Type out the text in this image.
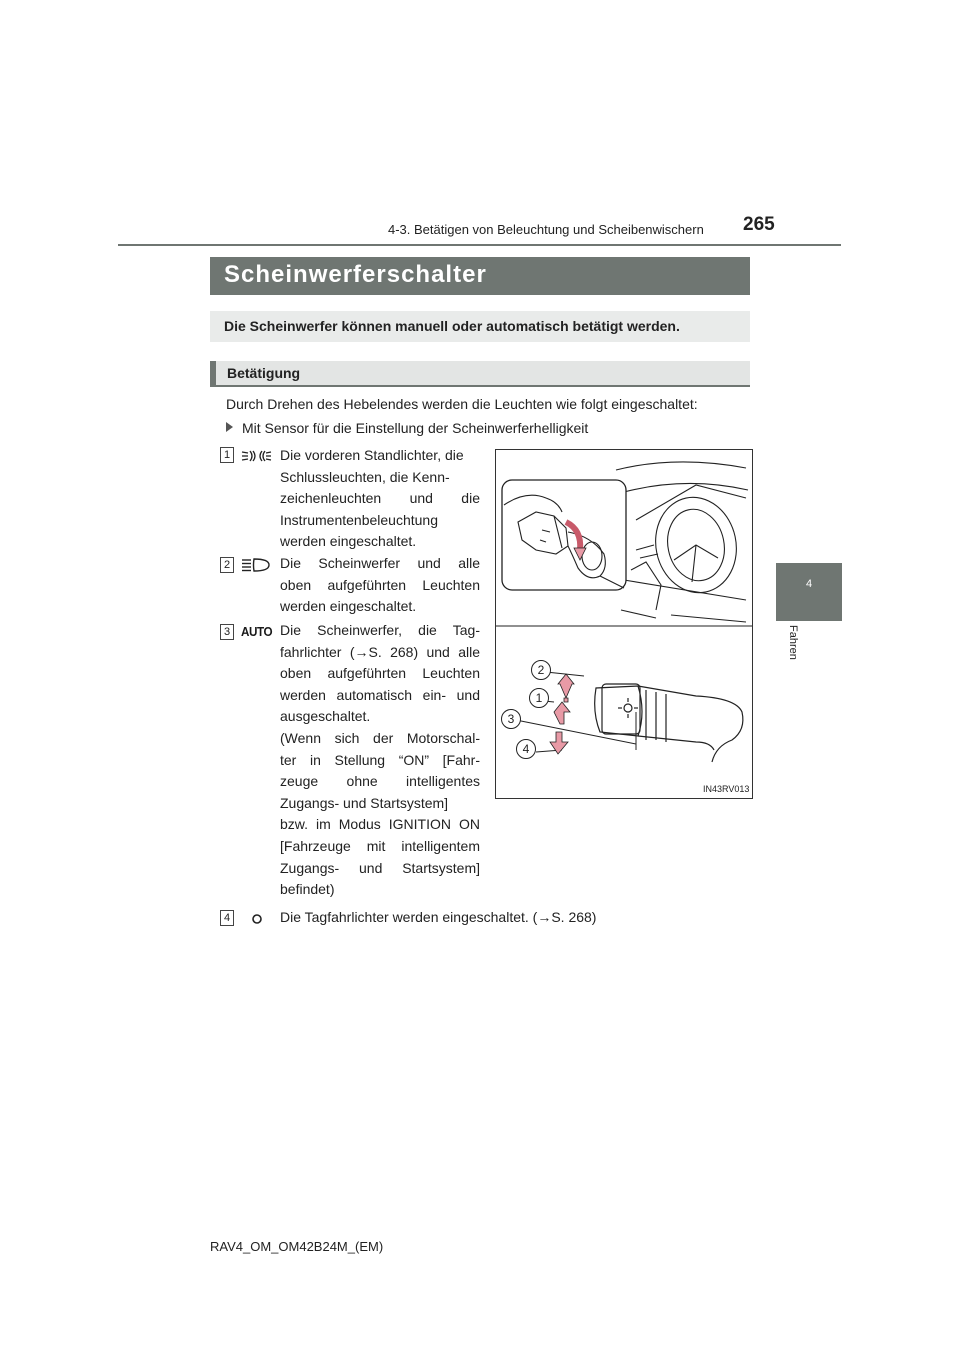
4-3. Betätigen von Beleuchtung und Scheibenwischern 265
4
Fahren
Scheinwerferschalter
Die Scheinwerfer können manuell oder automatisch betätigt werden.
Betätigung
Durch Drehen des Hebelendes werden die Leuchten wie folgt eingeschaltet:
Mit Sensor für die Einstellung der Scheinwerferhelligkeit
1	Die vorderen Standlichter, die
Schlussleuchten, die Kenn-
zeichenleuchten und die
Instrumentenbeleuchtung
werden eingeschaltet.
2	Die Scheinwerfer und alle
oben aufgeführten Leuchten
werden eingeschaltet.
3 AUTO Die Scheinwerfer, die Tag-
fahrlichter (→S. 268) und alle
oben aufgeführten Leuchten
werden automatisch ein- und
ausgeschaltet.
(Wenn sich der Motorschal-
ter in Stellung “ON” [Fahr-
zeuge ohne intelligentes
Zugangs- und Startsystem]
bzw. im Modus IGNITION ON
[Fahrzeuge mit intelligentem
Zugangs- und Startsystem]
befindet)
4	Die Tagfahrlichter werden eingeschaltet. (→S. 268)
2
1
3
4
IN43RV013
RAV4_OM_OM42B24M_(EM)
